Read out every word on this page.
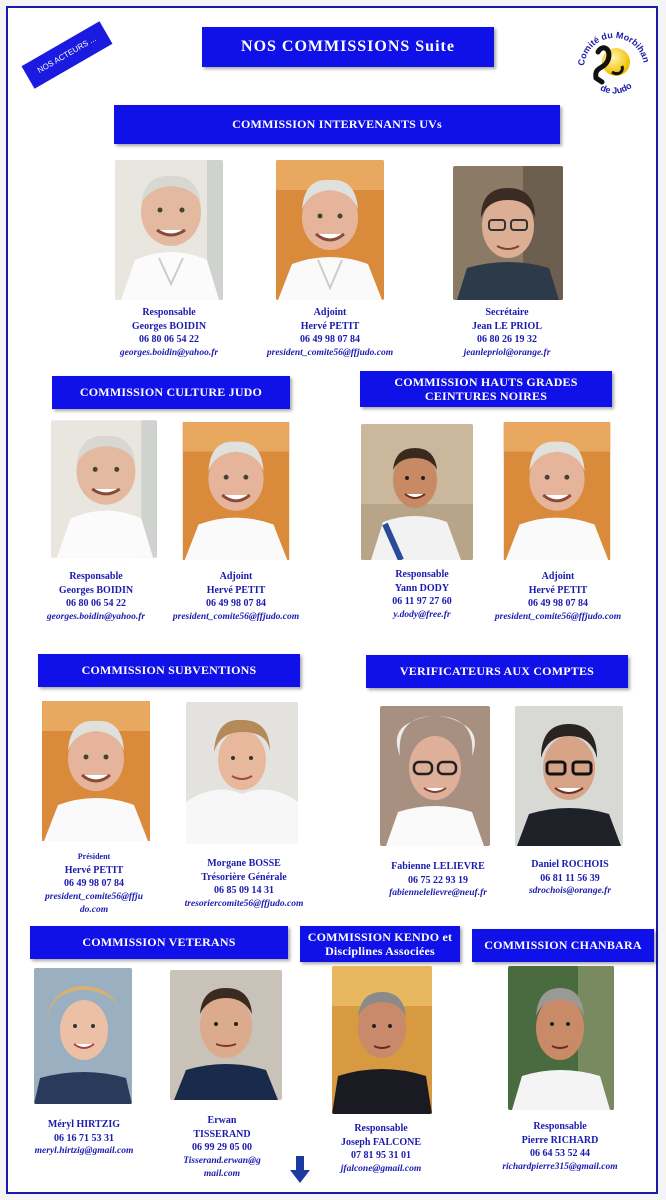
NOS ACTEURS ...	NOS COMMISSIONS Suite
Comité du Morbihan
de Judo
COMMISSION INTERVENANTS UVs
COMMISSION CULTURE JUDO
COMMISSION HAUTS GRADES
CEINTURES NOIRES
COMMISSION SUBVENTIONS	VERIFICATEURS AUX COMPTES
COMMISSION VETERANS	COMMISSION KENDO et
Disciplines Associées	COMMISSION CHANBARA
Responsable
Georges BOIDIN
06 80 06 54 22
georges.boidin@yahoo.fr
Adjoint
Hervé PETIT
06 49 98 07 84
president_comite56@ffjudo.com
Secrétaire
Jean LE PRIOL
06 80 26 19 32
jeanlepriol@orange.fr
Responsable
Georges BOIDIN
06 80 06 54 22
georges.boidin@yahoo.fr
Adjoint
Hervé PETIT
06 49 98 07 84
president_comite56@ffjudo.com
Responsable
Yann DODY
06 11 97 27 60
y.dody@free.fr
Adjoint
Hervé PETIT
06 49 98 07 84
president_comite56@ffjudo.com
Président
Hervé PETIT
06 49 98 07 84
president_comite56@ffju
do.com
Morgane BOSSE
Trésorière Générale
06 85 09 14 31
tresoriercomite56@ffjudo.com
Fabienne LELIEVRE
06 75 22 93 19
fabiennelelievre@neuf.fr
Daniel ROCHOIS
06 81 11 56 39
sdrochois@orange.fr
Méryl HIRTZIG
06 16 71 53 31
meryl.hirtzig@gmail.com
Erwan
TISSERAND
06 99 29 05 00
Tisserand.erwan@g
mail.com
Responsable
Joseph FALCONE
07 81 95 31 01
jfalcone@gmail.com
Responsable
Pierre RICHARD
06 64 53 52 44
richardpierre315@gmail.com
